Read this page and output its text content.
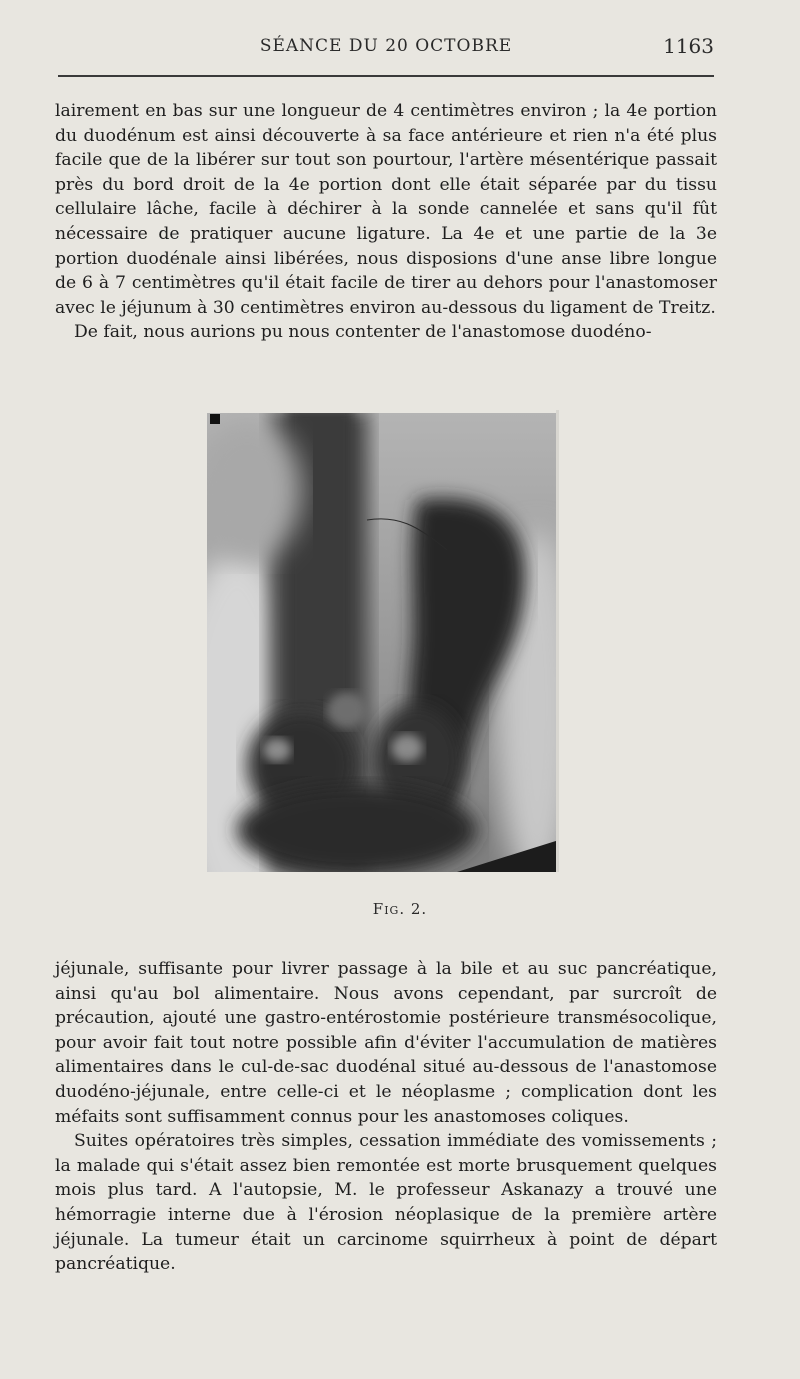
SÉANCE DU 20 OCTOBRE	1163

lairement en bas sur une longueur de 4 centimètres environ ; la 4e portion du duodénum est ainsi découverte à sa face antérieure et rien n'a été plus facile que de la libérer sur tout son pourtour, l'artère mésentérique passait près du bord droit de la 4e portion dont elle était séparée par du tissu cellulaire lâche, facile à déchirer à la sonde cannelée et sans qu'il fût nécessaire de pratiquer aucune ligature. La 4e et une partie de la 3e portion duodénale ainsi libérées, nous disposions d'une anse libre longue de 6 à 7 centimètres qu'il était facile de tirer au dehors pour l'anastomoser avec le jéjunum à 30 centimètres environ au-dessous du ligament de Treitz.

De fait, nous aurions pu nous contenter de l'anastomose duodéno-

Fig. 2.

jéjunale, suffisante pour livrer passage à la bile et au suc pancréatique, ainsi qu'au bol alimentaire. Nous avons cependant, par surcroît de précaution, ajouté une gastro-entérostomie postérieure transmésocolique, pour avoir fait tout notre possible afin d'éviter l'accumulation de matières alimentaires dans le cul-de-sac duodénal situé au-dessous de l'anastomose duodéno-jéjunale, entre celle-ci et le néoplasme ; complication dont les méfaits sont suffisamment connus pour les anastomoses coliques.

Suites opératoires très simples, cessation immédiate des vomissements ; la malade qui s'était assez bien remontée est morte brusquement quelques mois plus tard. A l'autopsie, M. le professeur Askanazy a trouvé une hémorragie interne due à l'érosion néoplasique de la première artère jéjunale. La tumeur était un carcinome squirrheux à point de départ pancréatique.
